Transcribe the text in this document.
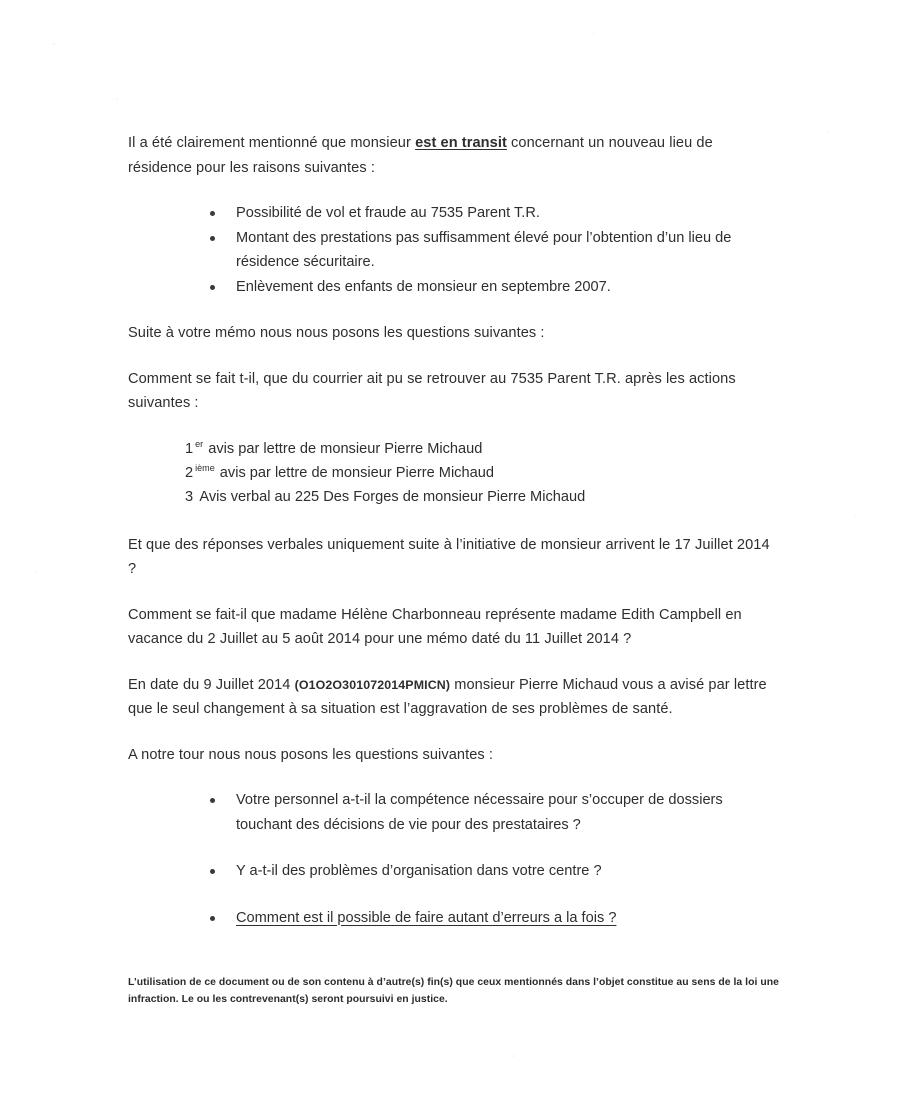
Il a été clairement mentionné que monsieur est en transit concernant un nouveau lieu de résidence pour les raisons suivantes :

Possibilité de vol et fraude au 7535 Parent T.R.
Montant des prestations pas suffisamment élevé pour l’obtention d’un lieu de résidence sécuritaire.
Enlèvement des enfants de monsieur en septembre 2007.

Suite à votre mémo nous nous posons les questions suivantes :

Comment se fait t-il, que du courrier ait pu se retrouver au 7535 Parent T.R. après les actions suivantes :

1 $^{er}$ avis par lettre de monsieur Pierre Michaud
2 $^{ième}$ avis par lettre de monsieur Pierre Michaud
3 Avis verbal au 225 Des Forges de monsieur Pierre Michaud

Et que des réponses verbales uniquement suite à l’initiative de monsieur arrivent le 17 Juillet 2014 ?

Comment se fait-il que madame Hélène Charbonneau représente madame Edith Campbell en vacance du 2 Juillet au 5 août 2014 pour une mémo daté du 11 Juillet 2014 ?

En date du 9 Juillet 2014 (O1O2O301072014PMICN) monsieur Pierre Michaud vous a avisé par lettre que le seul changement à sa situation est l’aggravation de ses problèmes de santé.

A notre tour nous nous posons les questions suivantes :

Votre personnel a-t-il la compétence nécessaire pour s’occuper de dossiers touchant des décisions de vie pour des prestataires ?
Y a-t-il des problèmes d’organisation dans votre centre ?
Comment est il possible de faire autant d’erreurs a la fois ?
L’utilisation de ce document ou de son contenu à d’autre(s) fin(s) que ceux mentionnés dans l’objet constitue au sens de la loi une infraction. Le ou les contrevenant(s) seront poursuivi en justice.
